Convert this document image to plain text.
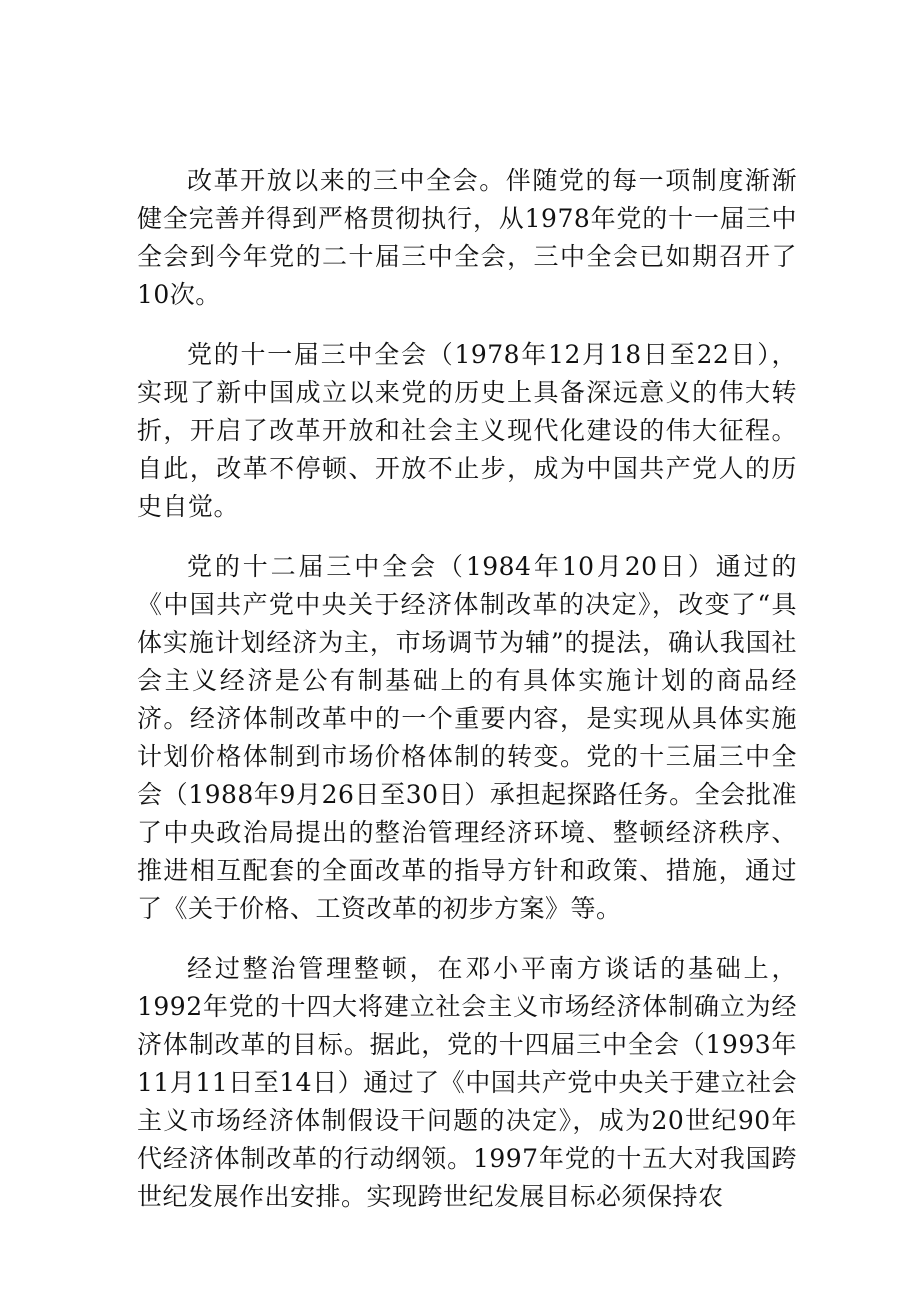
改革开放以来的三中全会。伴随党的每一项制度渐渐健全完善并得到严格贯彻执行，从1978年党的十一届三中全会到今年党的二十届三中全会，三中全会已如期召开了10次。

党的十一届三中全会（1978年12月18日至22日），实现了新中国成立以来党的历史上具备深远意义的伟大转折，开启了改革开放和社会主义现代化建设的伟大征程。自此，改革不停顿、开放不止步，成为中国共产党人的历史自觉。

党的十二届三中全会（1984年10月20日）通过的《中国共产党中央关于经济体制改革的决定》，改变了“具体实施计划经济为主，市场调节为辅”的提法，确认我国社会主义经济是公有制基础上的有具体实施计划的商品经济。经济体制改革中的一个重要内容，是实现从具体实施计划价格体制到市场价格体制的转变。党的十三届三中全会（1988年9月26日至30日）承担起探路任务。全会批准了中央政治局提出的整治管理经济环境、整顿经济秩序、推进相互配套的全面改革的指导方针和政策、措施，通过了《关于价格、工资改革的初步方案》等。

经过整治管理整顿，在邓小平南方谈话的基础上，1992年党的十四大将建立社会主义市场经济体制确立为经济体制改革的目标。据此，党的十四届三中全会（1993年11月11日至14日）通过了《中国共产党中央关于建立社会主义市场经济体制假设干问题的决定》，成为20世纪90年代经济体制改革的行动纲领。1997年党的十五大对我国跨世纪发展作出安排。实现跨世纪发展目标必须保持农
